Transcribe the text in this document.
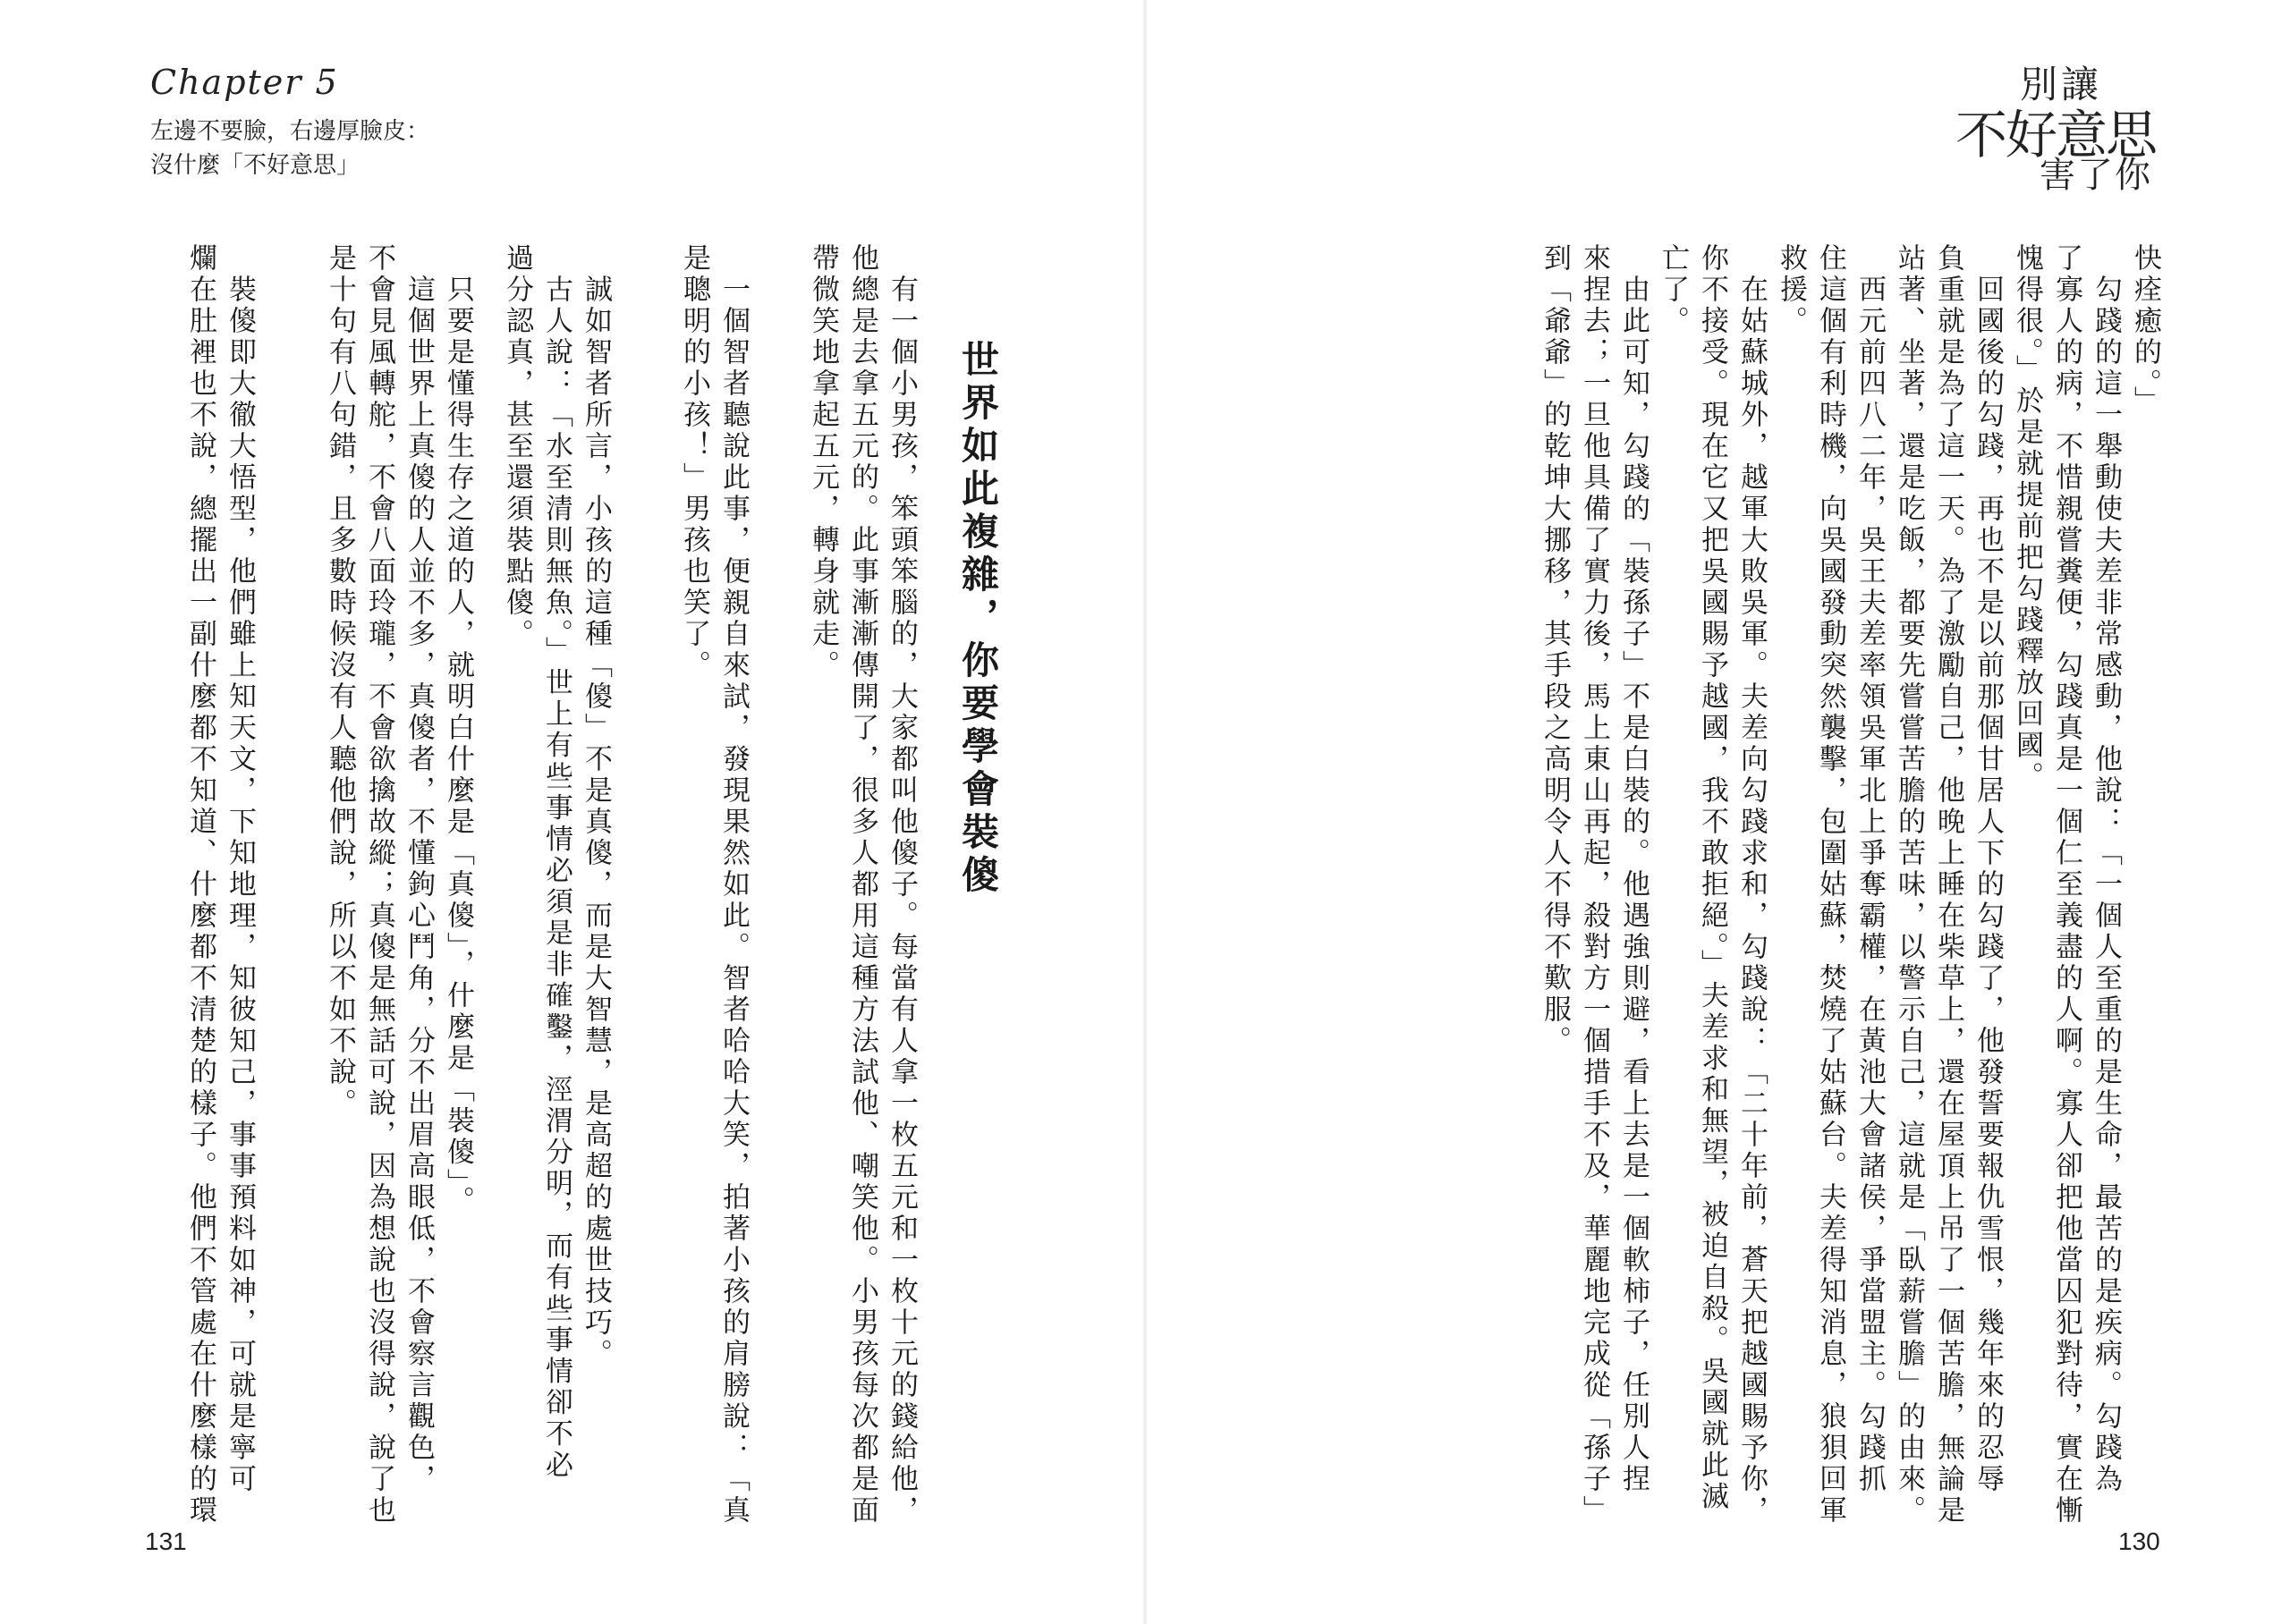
Chapter 5
左邊不要臉，右邊厚臉皮：
沒什麼「不好意思」
別讓
不好意思
害了你
快痊癒的。」
　勾踐的這一舉動使夫差非常感動，他說：「一個人至重的是生命，最苦的是疾病。勾踐為
了寡人的病，不惜親嘗糞便，勾踐真是一個仁至義盡的人啊。寡人卻把他當囚犯對待，實在慚
愧得很。」於是就提前把勾踐釋放回國。
　回國後的勾踐，再也不是以前那個甘居人下的勾踐了，他發誓要報仇雪恨，幾年來的忍辱
負重就是為了這一天。為了激勵自己，他晚上睡在柴草上，還在屋頂上吊了一個苦膽，無論是
站著、坐著，還是吃飯，都要先嘗嘗苦膽的苦味，以警示自己，這就是「臥薪嘗膽」的由來。
　西元前四八二年，吳王夫差率領吳軍北上爭奪霸權，在黃池大會諸侯，爭當盟主。勾踐抓
住這個有利時機，向吳國發動突然襲擊，包圍姑蘇，焚燒了姑蘇台。夫差得知消息，狼狽回軍
救援。
　在姑蘇城外，越軍大敗吳軍。夫差向勾踐求和，勾踐說：「二十年前，蒼天把越國賜予你，
你不接受。現在它又把吳國賜予越國，我不敢拒絕。」夫差求和無望，被迫自殺。吳國就此滅
亡了。
　由此可知，勾踐的「裝孫子」不是白裝的。他遇強則避，看上去是一個軟柿子，任別人捏
來捏去；一旦他具備了實力後，馬上東山再起，殺對方一個措手不及，華麗地完成從「孫子」
到「爺爺」的乾坤大挪移，其手段之高明令人不得不歎服。
世界如此複雜，你要學會裝傻
　有一個小男孩，笨頭笨腦的，大家都叫他傻子。每當有人拿一枚五元和一枚十元的錢給他，
他總是去拿五元的。此事漸漸傳開了，很多人都用這種方法試他、嘲笑他。小男孩每次都是面
帶微笑地拿起五元，轉身就走。
　一個智者聽說此事，便親自來試，發現果然如此。智者哈哈大笑，拍著小孩的肩膀說：「真
是聰明的小孩！」男孩也笑了。
　誠如智者所言，小孩的這種「傻」不是真傻，而是大智慧，是高超的處世技巧。
　古人說：「水至清則無魚。」世上有些事情必須是非確鑿，涇渭分明，而有些事情卻不必
過分認真，甚至還須裝點傻。
　只要是懂得生存之道的人，就明白什麼是「真傻」，什麼是「裝傻」。
　這個世界上真傻的人並不多，真傻者，不懂鉤心鬥角，分不出眉高眼低，不會察言觀色，
不會見風轉舵，不會八面玲瓏，不會欲擒故縱；真傻是無話可說，因為想說也沒得說，說了也
是十句有八句錯，且多數時候沒有人聽他們說，所以不如不說。
　裝傻即大徹大悟型，他們雖上知天文，下知地理，知彼知己，事事預料如神，可就是寧可
爛在肚裡也不說，總擺出一副什麼都不知道、什麼都不清楚的樣子。他們不管處在什麼樣的環
131	130
